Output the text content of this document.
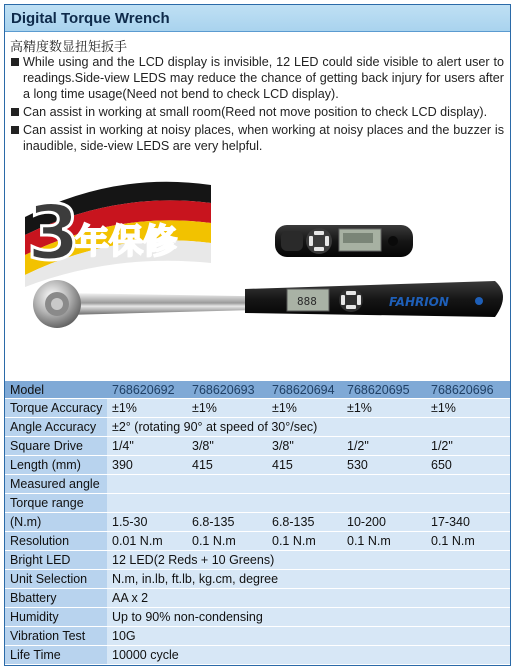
Digital Torque Wrench
高精度数显扭矩扳手
While using and the LCD display is invisible, 12 LED could side visible to alert user to readings.Side-view LEDS may reduce the chance of getting back injury for users after a long time usage(Need not bend to check LCD display).
Can assist in working at small room(Reed not move position to check LCD display).
Can assist in working at noisy places, when working at noisy places and the buzzer is inaudible, side-view LEDS are very helpful.
3
年保修
888	FAHRION
Model	768620692	768620693	768620694	768620695	768620696
Torque Accuracy	±1%	±1%	±1%	±1%	±1%
Angle Accuracy	±2° (rotating 90° at speed of 30°/sec)				
Square Drive	1/4"	3/8"	3/8"	1/2"	1/2"
Length (mm)	390	415	415	530	650
Measured angle					
Torque range					
(N.m)	1.5-30	6.8-135	6.8-135	10-200	17-340
Resolution	0.01 N.m	0.1 N.m	0.1 N.m	0.1 N.m	0.1 N.m
Bright LED	12 LED(2 Reds + 10 Greens)				
Unit Selection	N.m, in.lb, ft.lb, kg.cm, degree				
Bbattery	AA x 2				
Humidity	Up to 90% non-condensing				
Vibration Test	10G				
Life Time	10000 cycle				
